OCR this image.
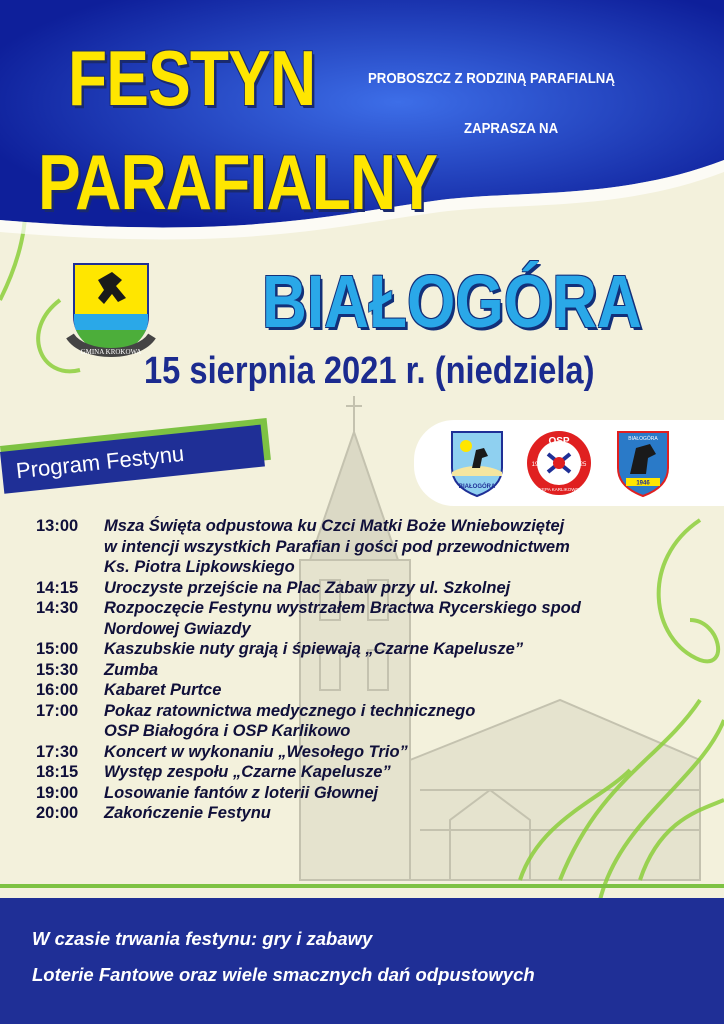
FESTYN
PARAFIALNY
PROBOSZCZ Z RODZINĄ PARAFIALNĄ
ZAPRASZA NA
GMINA KROKOWA
BIAŁOGÓRA
15 sierpnia 2021 r. (niedziela)
BIAŁOGÓRA
OSP
19	25
KĘPA KARLIKOWO
BIAŁOGÓRA
1946
Program Festynu
13:00	Msza Święta odpustowa ku Czci Matki Boże Wniebowziętej
w intencji wszystkich Parafian i gości pod przewodnictwem
Ks. Piotra Lipkowskiego
14:15	Uroczyste przejście na Plac Zabaw przy ul. Szkolnej
14:30	Rozpoczęcie Festynu wystrzałem Bractwa Rycerskiego spod
Nordowej Gwiazdy
15:00	Kaszubskie nuty grają i śpiewają „Czarne Kapelusze”
15:30	Zumba
16:00	Kabaret Purtce
17:00	Pokaz ratownictwa medycznego i technicznego
OSP Białogóra i OSP Karlikowo
17:30	Koncert w wykonaniu „Wesołego Trio”
18:15	Występ zespołu „Czarne Kapelusze”
19:00	Losowanie fantów z loterii Głownej
20:00	Zakończenie Festynu
W czasie trwania festynu: gry i zabawy
Loterie Fantowe oraz wiele smacznych dań odpustowych
